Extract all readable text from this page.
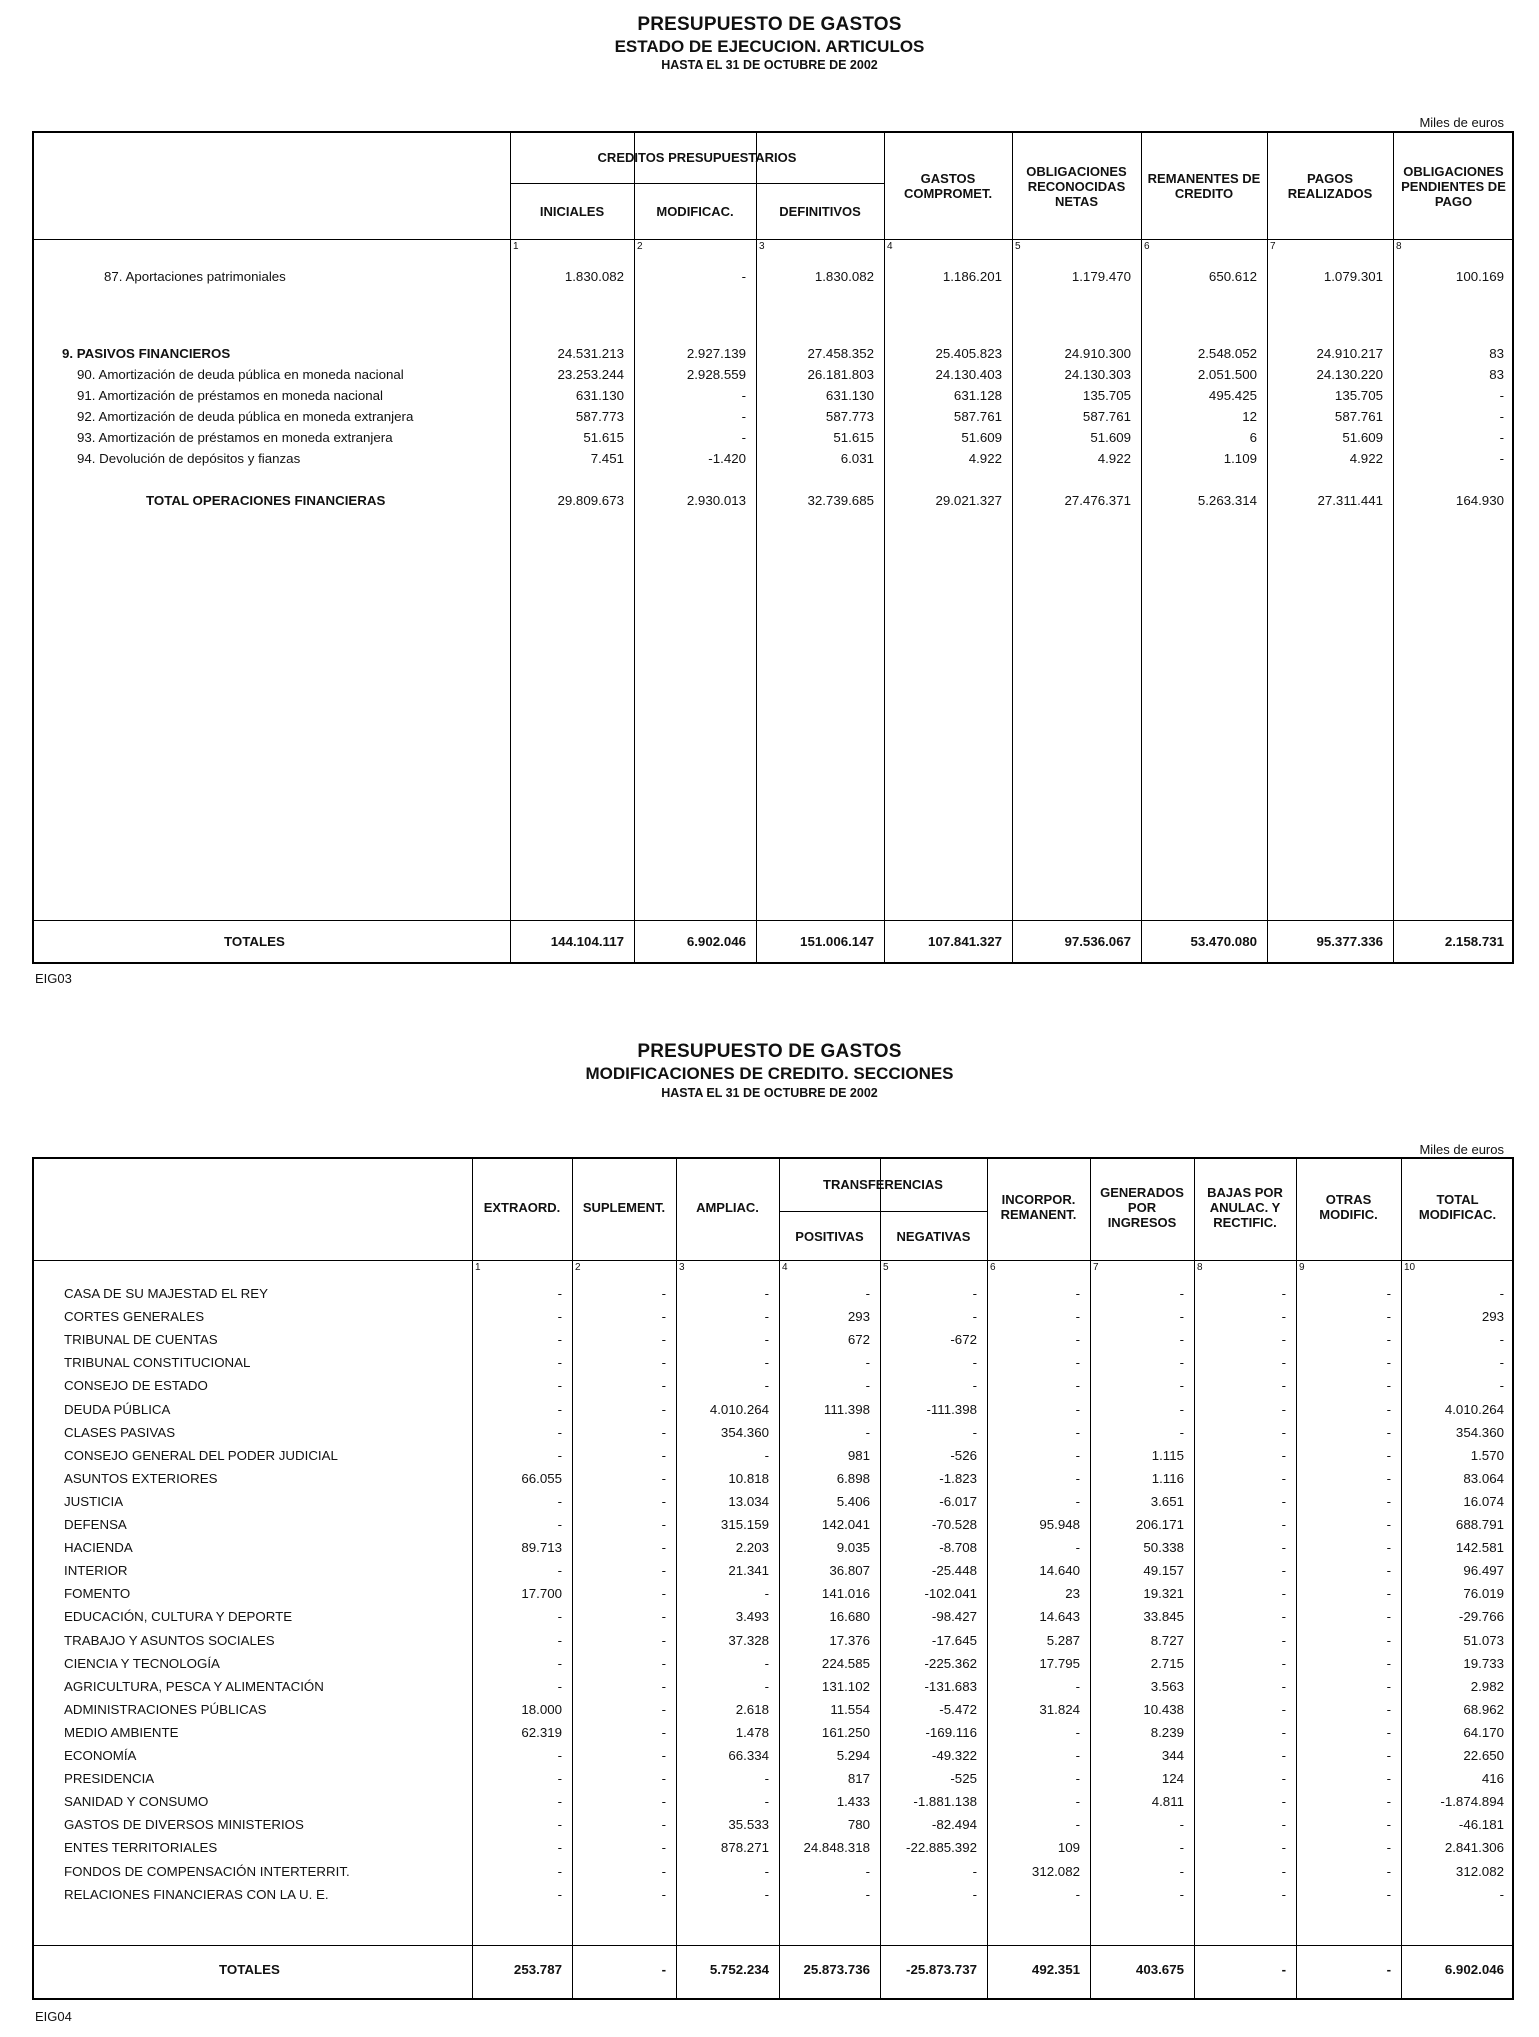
PRESUPUESTO DE GASTOS
ESTADO DE EJECUCION. ARTICULOS
HASTA EL 31 DE OCTUBRE DE 2002
Miles de euros
CREDITOS PRESUPUESTARIOS
INICIALES
1
MODIFICAC.
2
DEFINITIVOS
3
GASTOS COMPROMET.
4
OBLIGACIONES RECONOCIDAS NETAS
5
REMANENTES DE CREDITO
6
PAGOS REALIZADOS
7
OBLIGACIONES PENDIENTES DE PAGO
8
87. Aportaciones patrimoniales	1.830.082	-	1.830.082	1.186.201	1.179.470	650.612	1.079.301	100.169
9. PASIVOS FINANCIEROS	24.531.213	2.927.139	27.458.352	25.405.823	24.910.300	2.548.052	24.910.217	83
90. Amortización de deuda pública en moneda nacional	23.253.244	2.928.559	26.181.803	24.130.403	24.130.303	2.051.500	24.130.220	83
91. Amortización de préstamos en moneda nacional	631.130	-	631.130	631.128	135.705	495.425	135.705	-
92. Amortización de deuda pública en moneda extranjera	587.773	-	587.773	587.761	587.761	12	587.761	-
93. Amortización de préstamos en moneda extranjera	51.615	-	51.615	51.609	51.609	6	51.609	-
94. Devolución de depósitos y fianzas	7.451	-1.420	6.031	4.922	4.922	1.109	4.922	-
TOTAL OPERACIONES FINANCIERAS	29.809.673	2.930.013	32.739.685	29.021.327	27.476.371	5.263.314	27.311.441	164.930
TOTALES	144.104.117	6.902.046	151.006.147	107.841.327	97.536.067	53.470.080	95.377.336	2.158.731
EIG03
PRESUPUESTO DE GASTOS
MODIFICACIONES DE CREDITO. SECCIONES
HASTA EL 31 DE OCTUBRE DE 2002
Miles de euros
TRANSFERENCIAS
EXTRAORD.
1
SUPLEMENT.
2
AMPLIAC.
3
POSITIVAS
4
NEGATIVAS
5
INCORPOR. REMANENT.
6
GENERADOS POR INGRESOS
7
BAJAS POR ANULAC. Y RECTIFIC.
8
OTRAS MODIFIC.
9
TOTAL MODIFICAC.
10
CASA DE SU MAJESTAD EL REY	-	-	-	-	-	-	-	-	-	-
CORTES GENERALES	-	-	-	293	-	-	-	-	-	293
TRIBUNAL DE CUENTAS	-	-	-	672	-672	-	-	-	-	-
TRIBUNAL CONSTITUCIONAL	-	-	-	-	-	-	-	-	-	-
CONSEJO DE ESTADO	-	-	-	-	-	-	-	-	-	-
DEUDA PÚBLICA	-	-	4.010.264	111.398	-111.398	-	-	-	-	4.010.264
CLASES PASIVAS	-	-	354.360	-	-	-	-	-	-	354.360
CONSEJO GENERAL DEL PODER JUDICIAL	-	-	-	981	-526	-	1.115	-	-	1.570
ASUNTOS EXTERIORES	66.055	-	10.818	6.898	-1.823	-	1.116	-	-	83.064
JUSTICIA	-	-	13.034	5.406	-6.017	-	3.651	-	-	16.074
DEFENSA	-	-	315.159	142.041	-70.528	95.948	206.171	-	-	688.791
HACIENDA	89.713	-	2.203	9.035	-8.708	-	50.338	-	-	142.581
INTERIOR	-	-	21.341	36.807	-25.448	14.640	49.157	-	-	96.497
FOMENTO	17.700	-	-	141.016	-102.041	23	19.321	-	-	76.019
EDUCACIÓN, CULTURA Y DEPORTE	-	-	3.493	16.680	-98.427	14.643	33.845	-	-	-29.766
TRABAJO Y ASUNTOS SOCIALES	-	-	37.328	17.376	-17.645	5.287	8.727	-	-	51.073
CIENCIA Y TECNOLOGÍA	-	-	-	224.585	-225.362	17.795	2.715	-	-	19.733
AGRICULTURA, PESCA Y ALIMENTACIÓN	-	-	-	131.102	-131.683	-	3.563	-	-	2.982
ADMINISTRACIONES PÚBLICAS	18.000	-	2.618	11.554	-5.472	31.824	10.438	-	-	68.962
MEDIO AMBIENTE	62.319	-	1.478	161.250	-169.116	-	8.239	-	-	64.170
ECONOMÍA	-	-	66.334	5.294	-49.322	-	344	-	-	22.650
PRESIDENCIA	-	-	-	817	-525	-	124	-	-	416
SANIDAD Y CONSUMO	-	-	-	1.433	-1.881.138	-	4.811	-	-	-1.874.894
GASTOS DE DIVERSOS MINISTERIOS	-	-	35.533	780	-82.494	-	-	-	-	-46.181
ENTES TERRITORIALES	-	-	878.271	24.848.318	-22.885.392	109	-	-	-	2.841.306
FONDOS DE COMPENSACIÓN INTERTERRIT.	-	-	-	-	-	312.082	-	-	-	312.082
RELACIONES FINANCIERAS CON LA U. E.	-	-	-	-	-	-	-	-	-	-
TOTALES	253.787	-	5.752.234	25.873.736	-25.873.737	492.351	403.675	-	-	6.902.046
EIG04
